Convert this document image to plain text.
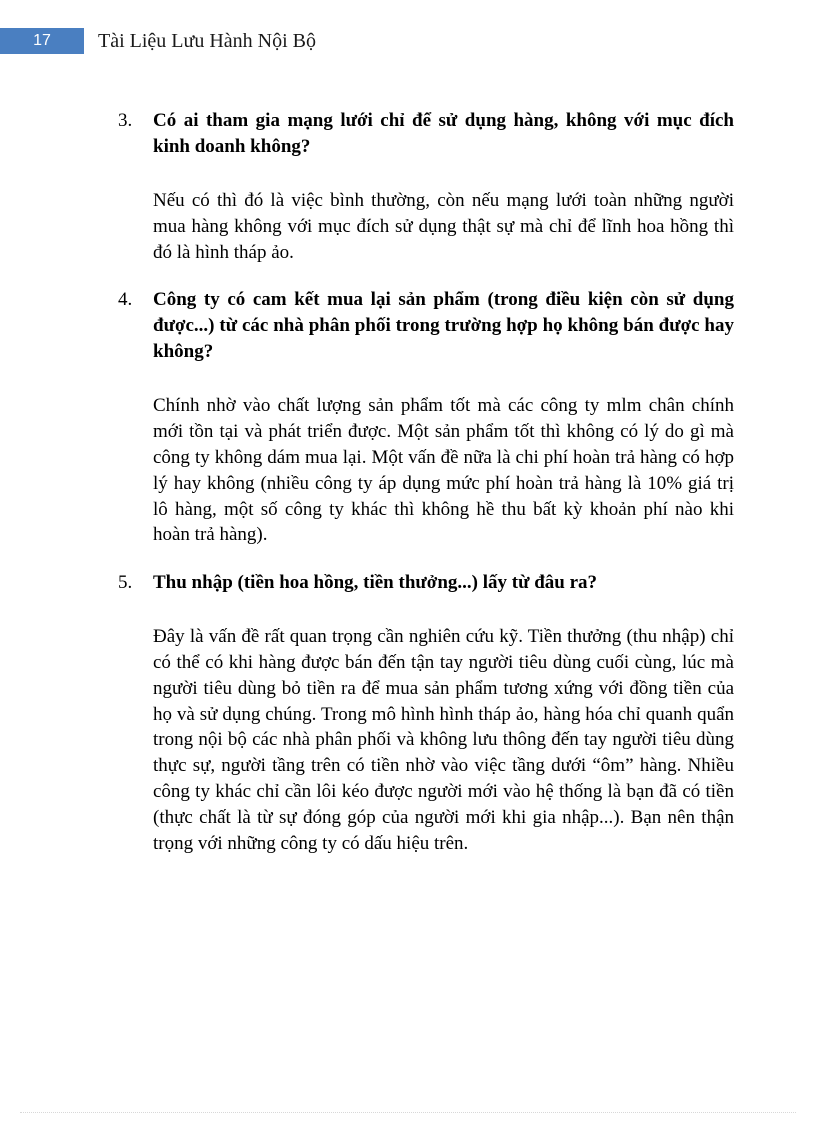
17	Tài Liệu Lưu Hành Nội Bộ
3.	Có ai tham gia mạng lưới chỉ để sử dụng hàng, không với mục đích kinh doanh không?
Nếu có thì đó là việc bình thường, còn nếu mạng lưới toàn những người mua hàng không với mục đích sử dụng thật sự mà chỉ để lĩnh hoa hồng thì đó là hình tháp ảo.
4.	Công ty có cam kết mua lại sản phẩm (trong điều kiện còn sử dụng được...) từ các nhà phân phối trong trường hợp họ không bán được hay không?
Chính nhờ vào chất lượng sản phẩm tốt mà các công ty mlm chân chính mới tồn tại và phát triển được. Một sản phẩm tốt thì không có lý do gì mà công ty không dám mua lại. Một vấn đề nữa là chi phí hoàn trả hàng có hợp lý hay không (nhiều công ty áp dụng mức phí hoàn trả hàng là 10% giá trị lô hàng, một số công ty khác thì không hề thu bất kỳ khoản phí nào khi hoàn trả hàng).
5.	Thu nhập (tiền hoa hồng, tiền thưởng...) lấy từ đâu ra?
Đây là vấn đề rất quan trọng cần nghiên cứu kỹ. Tiền thưởng (thu nhập) chỉ có thể có khi hàng được bán đến tận tay người tiêu dùng cuối cùng, lúc mà người tiêu dùng bỏ tiền ra để mua sản phẩm tương xứng với đồng tiền của họ và sử dụng chúng. Trong mô hình hình tháp ảo, hàng hóa chỉ quanh quẩn trong nội bộ các nhà phân phối và không lưu thông đến tay người tiêu dùng thực sự, người tầng trên có tiền nhờ vào việc tầng dưới “ôm” hàng. Nhiều công ty khác chỉ cần lôi kéo được người mới vào hệ thống là bạn đã có tiền (thực chất là từ sự đóng góp của người mới khi gia nhập...). Bạn nên thận trọng với những công ty có dấu hiệu trên.
